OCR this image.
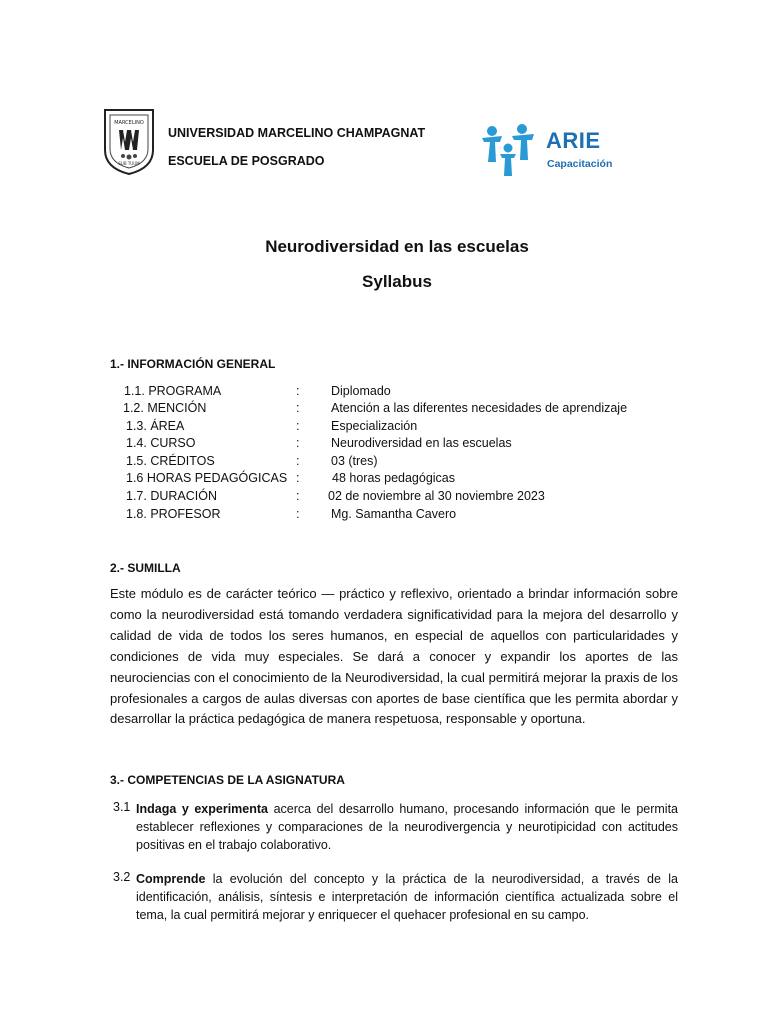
MARCELINO
SUB TUUM
UNIVERSIDAD MARCELINO CHAMPAGNAT
ESCUELA DE POSGRADO
ARIE
Capacitación
Neurodiversidad en las escuelas
Syllabus
1.- INFORMACIÓN GENERAL
1.1. PROGRAMA	:	Diplomado
1.2. MENCIÓN	:	Atención a las diferentes necesidades de aprendizaje
1.3. ÁREA	:	Especialización
1.4. CURSO	:	Neurodiversidad en las escuelas
1.5. CRÉDITOS	:	03 (tres)
1.6 HORAS PEDAGÓGICAS :	48 horas pedagógicas
1.7. DURACIÓN	: 02 de noviembre al 30 noviembre 2023
1.8. PROFESOR	:	Mg. Samantha Cavero
2.- SUMILLA
Este módulo es de carácter teórico — práctico y reflexivo, orientado a brindar información sobre como la neurodiversidad está tomando verdadera significatividad para la mejora del desarrollo y calidad de vida de todos los seres humanos, en especial de aquellos con particularidades y condiciones de vida muy especiales. Se dará a conocer y expandir los aportes de las neurociencias con el conocimiento de la Neurodiversidad, la cual permitirá mejorar la praxis de los profesionales a cargos de aulas diversas con aportes de base científica que les permita abordar y desarrollar la práctica pedagógica de manera respetuosa, responsable y oportuna.
3.- COMPETENCIAS DE LA ASIGNATURA
3.1 Indaga y experimenta acerca del desarrollo humano, procesando información que le permita establecer reflexiones y comparaciones de la neurodivergencia y neurotipicidad con actitudes positivas en el trabajo colaborativo.
3.2 Comprende la evolución del concepto y la práctica de la neurodiversidad, a través de la identificación, análisis, síntesis e interpretación de información científica actualizada sobre el tema, la cual permitirá mejorar y enriquecer el quehacer profesional en su campo.
